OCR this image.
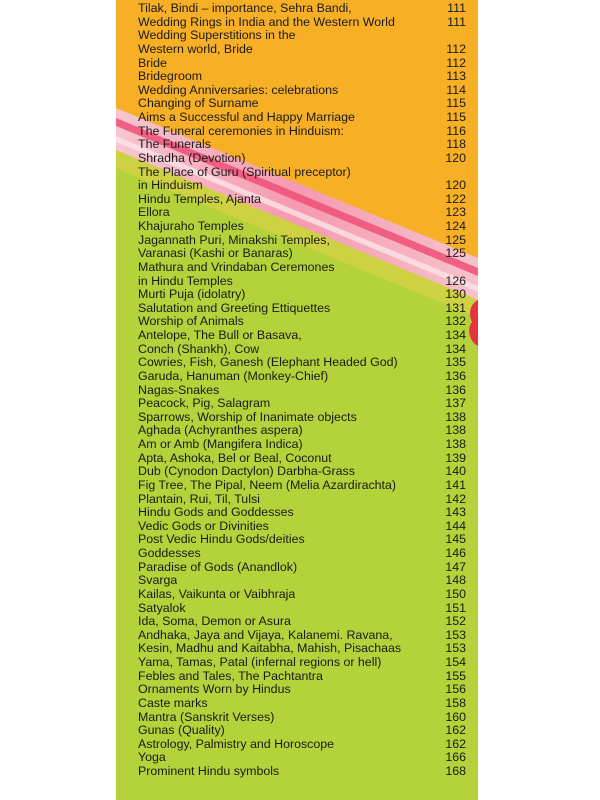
Tilak, Bindi – importance, Sehra Bandi,	111
Wedding Rings in India and the Western World	111
Wedding Superstitions in the
Western world, Bride	112
Bride	112
Bridegroom	113
Wedding Anniversaries: celebrations	114
Changing of Surname	115
Aims a Successful and Happy Marriage	115
The Funeral ceremonies in Hinduism:	116
The Funerals	118
Shradha (Devotion)	120
The Place of Guru (Spiritual preceptor)
in Hinduism	120
Hindu Temples, Ajanta	122
Ellora	123
Khajuraho Temples	124
Jagannath Puri, Minakshi Temples,	125
Varanasi (Kashi or Banaras)	125
Mathura and Vrindaban Ceremones
in Hindu Temples	126
Murti Puja (idolatry)	130
Salutation and Greeting Ettiquettes	131
Worship of Animals	132
Antelope, The Bull or Basava,	134
Conch (Shankh), Cow	134
Cowries, Fish, Ganesh (Elephant Headed God)	135
Garuda, Hanuman (Monkey-Chief)	136
Nagas-Snakes	136
Peacock, Pig, Salagram	137
Sparrows, Worship of Inanimate objects	138
Aghada (Achyranthes aspera)	138
Am or Amb (Mangifera Indica)	138
Apta, Ashoka, Bel or Beal, Coconut	139
Dub (Cynodon Dactylon) Darbha-Grass	140
Fig Tree, The Pipal, Neem (Melia Azardirachta)	141
Plantain, Rui, Til, Tulsi	142
Hindu Gods and Goddesses	143
Vedic Gods or Divinities	144
Post Vedic Hindu Gods/deities	145
Goddesses	146
Paradise of Gods (Anandlok)	147
Svarga	148
Kailas, Vaikunta or Vaibhraja	150
Satyalok	151
Ida, Soma, Demon or Asura	152
Andhaka, Jaya and Vijaya, Kalanemi. Ravana,	153
Kesin, Madhu and Kaitabha, Mahish, Pisachaas	153
Yama, Tamas, Patal (infernal regions or hell)	154
Febles and Tales, The Pachtantra	155
Ornaments Worn by Hindus	156
Caste marks	158
Mantra (Sanskrit Verses)	160
Gunas (Quality)	162
Astrology, Palmistry and Horoscope	162
Yoga	166
Prominent Hindu symbols	168
